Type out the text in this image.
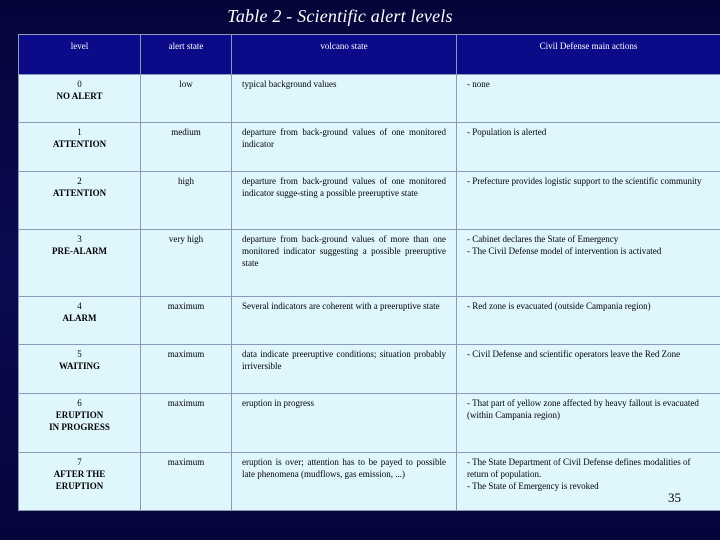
Table 2 - Scientific alert levels
level	alert state	volcano state	Civil Defense main actions

0
NO ALERT	low	typical background values	- none

1
ATTENTION	medium	departure from back-ground values of one monitored indicator	- Population is alerted

2
ATTENTION	high	departure from back-ground values of one monitored indicator sugge-sting a possible preeruptive state	- Prefecture provides logistic support to the scientific community

3
PRE-ALARM	very high	departure from back-ground values of more than one monitored indicator suggesting a possible preeruptive state	- Cabinet declares the State of Emergency
- The Civil Defense model of intervention is activated

4
ALARM	maximum	Several indicators are coherent with a preeruptive state	- Red zone is evacuated (outside Campania region)

5
WAITING	maximum	data indicate preeruptive conditions; situation probably irriversible	- Civil Defense and scientific operators leave the Red Zone

6
ERUPTION
IN PROGRESS	maximum	eruption in progress	- That part of yellow zone affected by heavy fallout is evacuated (within Campania region)

7
AFTER THE
ERUPTION	maximum	eruption is over; attention has to be payed to possible late phenomena (mudflows, gas emission, ...)	- The State Department of Civil Defense defines modalities of return of population.
- The State of Emergency is revoked
35
